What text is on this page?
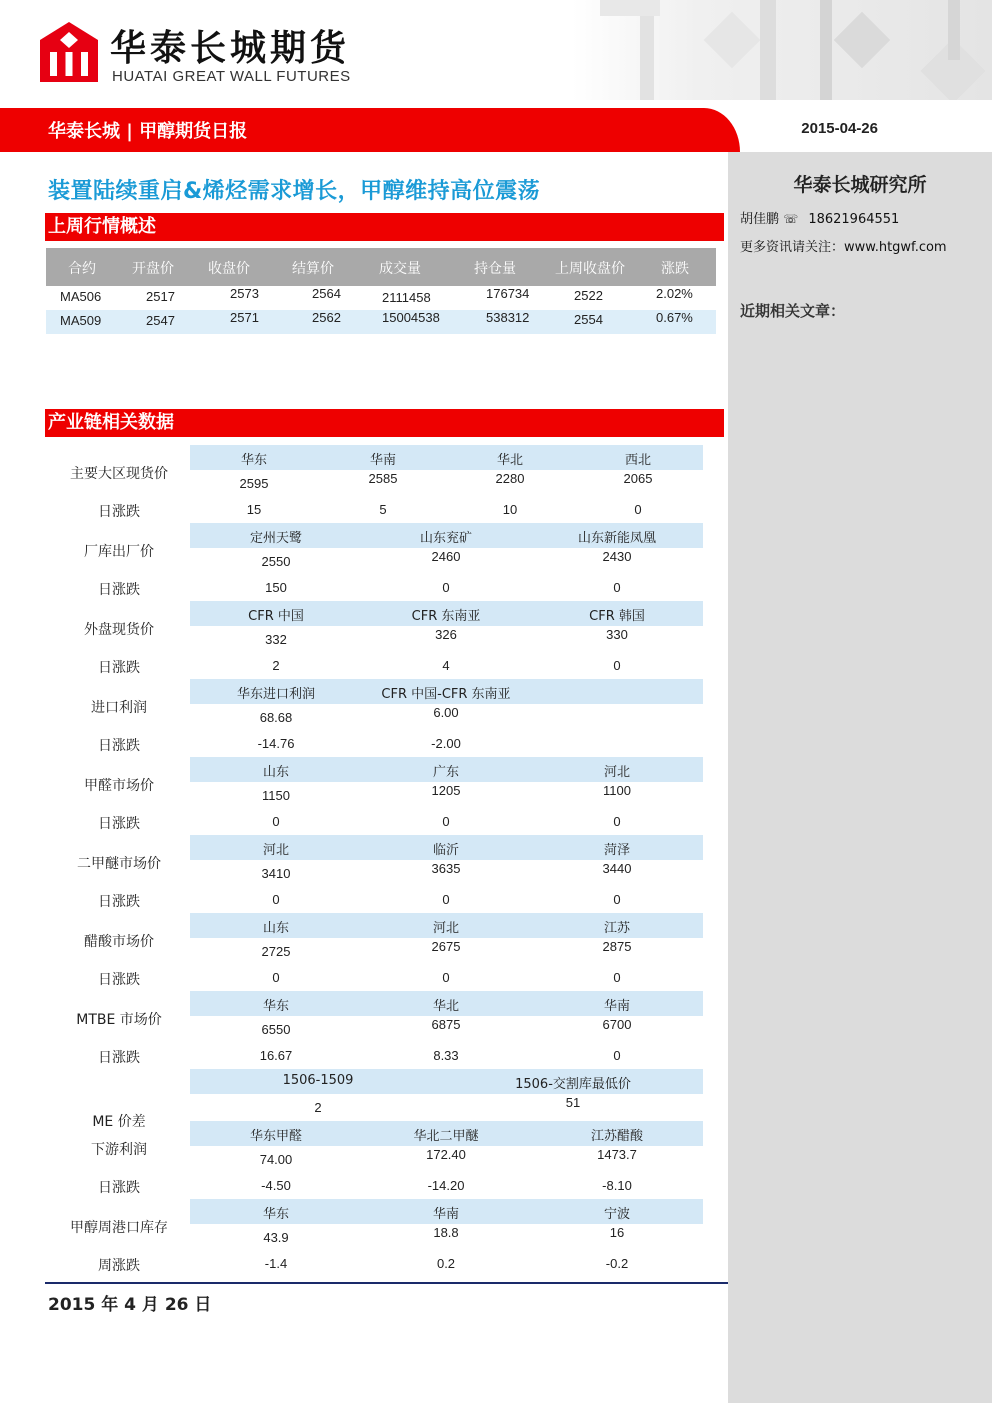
华泰长城期货
HUATAI GREAT WALL FUTURES
华泰长城 | 甲醇期货日报	2015-04-26
华泰长城研究所
胡佳鹏 ☏ 18621964551
更多资讯请关注：www.htgwf.com
近期相关文章：
装置陆续重启&烯烃需求增长，甲醇维持高位震荡
上周行情概述
合约	开盘价 收盘价	结算价	成交量	持仓量	上周收盘价	涨跌
MA506	2517	2573	2564	2111458	176734	2522	2.02%
MA509	2547	2571	2562	15004538	538312	2554	0.67%
产业链相关数据
主要大区现货价
华东	华南	华北	西北
2595	2585	2280	2065
日涨跌	15	5	10	0
厂库出厂价
定州天鹭	山东兖矿	山东新能凤凰
2550	2460	2430
日涨跌	150	0	0
外盘现货价
CFR 中国	CFR 东南亚	CFR 韩国
332	326	330
日涨跌	2	4	0
进口利润
华东进口利润	CFR 中国-CFR 东南亚
68.68	6.00
日涨跌	-14.76	-2.00
甲醛市场价
山东	广东	河北
1150	1205	1100
日涨跌	0	0	0
二甲醚市场价
河北	临沂	菏泽
3410	3635	3440
日涨跌	0	0	0
醋酸市场价
山东	河北	江苏
2725	2675	2875
日涨跌	0	0	0
MTBE 市场价
华东	华北	华南
6550	6875	6700
日涨跌	16.67	8.33	0
ME 价差
1506-1509	1506-交割库最低价
2	51
下游利润
华东甲醛	华北二甲醚	江苏醋酸
74.00	172.40	1473.7
日涨跌	-4.50	-14.20	-8.10
甲醇周港口库存
华东	华南	宁波
43.9	18.8	16
周涨跌	-1.4	0.2	-0.2
2015 年 4 月 26 日
